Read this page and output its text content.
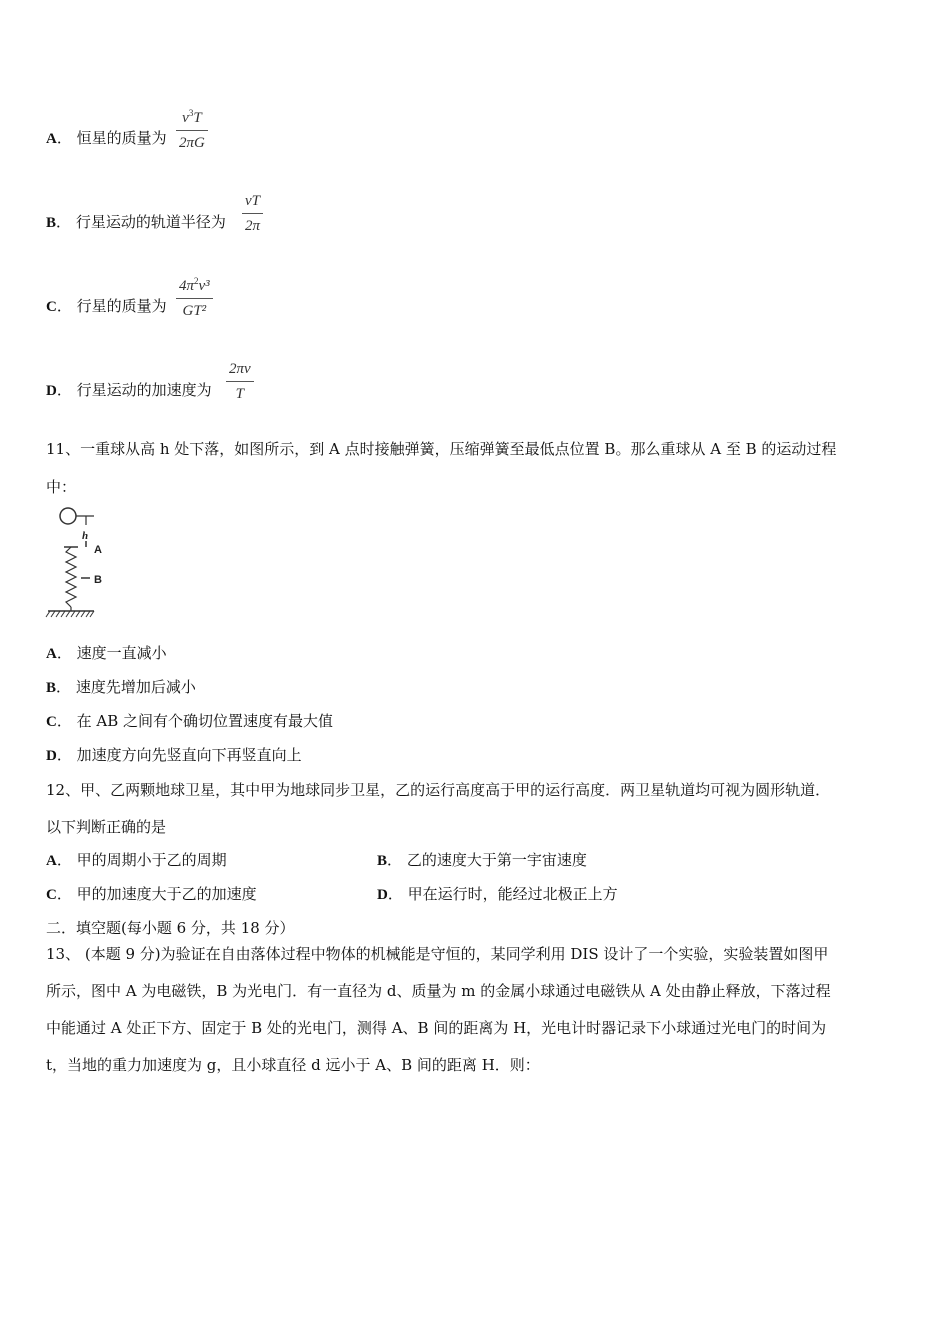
A． 恒星的质量为
$v^3T$
2πG
B． 行星运动的轨道半径为
vT
2π
C． 行星的质量为
$4\pi^2v^3$
GT²
D． 行星运动的加速度为
2πv
T
11、一重球从高 h 处下落，如图所示，到 A 点时接触弹簧，压缩弹簧至最低点位置 B。那么重球从 A 至 B 的运动过程
中：
h
A
B
A． 速度一直减小
B． 速度先增加后减小
C． 在 AB 之间有个确切位置速度有最大值
D． 加速度方向先竖直向下再竖直向上
12、甲、乙两颗地球卫星，其中甲为地球同步卫星，乙的运行高度高于甲的运行高度．两卫星轨道均可视为圆形轨道．
以下判断正确的是
A． 甲的周期小于乙的周期	B． 乙的速度大于第一宇宙速度
C． 甲的加速度大于乙的加速度	D． 甲在运行时，能经过北极正上方
二．填空题(每小题 6 分，共 18 分）
13、 (本题 9 分)为验证在自由落体过程中物体的机械能是守恒的，某同学利用 DIS 设计了一个实验，实验装置如图甲
所示，图中 A 为电磁铁，B 为光电门．有一直径为 d、质量为 m 的金属小球通过电磁铁从 A 处由静止释放，下落过程
中能通过 A 处正下方、固定于 B 处的光电门，测得 A、B 间的距离为 H，光电计时器记录下小球通过光电门的时间为
t，当地的重力加速度为 g，且小球直径 d 远小于 A、B 间的距离 H．则：
